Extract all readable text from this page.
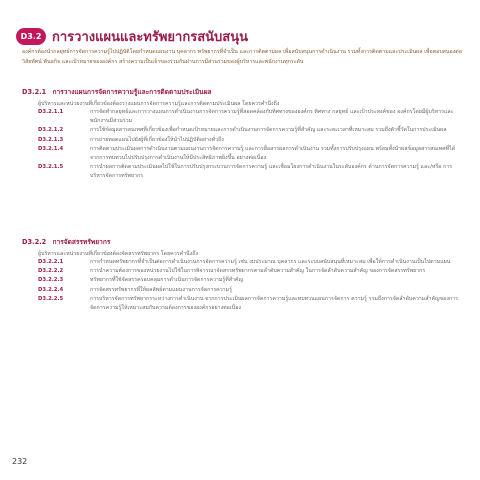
D3.2 การวางแผนและทรัพยากรสนับสนุน

องค์กรต้องนำกลยุทธ์การจัดการความรู้ไปปฏิบัติโดยกำหนดแผนงาน บุคลากร ทรัพยากรที่จำเป็น และการติดตามผล เพื่อสนับสนุนการดำเนินงาน รวมทั้งการติดตามและประเมินผล เพื่อตอบสนองต่อวิสัยทัศน์ พันธกิจ และเป้าหมายขององค์กร สร้างความเป็นเจ้าของร่วมกันผ่านการมีส่วนร่วมของผู้บริหารและพนักงานทุกระดับ

D3.2.1 การวางแผนการจัดการความรู้และการติดตามประเมินผล
ผู้บริหารและหน่วยงานที่เกี่ยวข้องต้องวางแผนการจัดการความรู้และการติดตามประเมินผล โดยควรคำนึงถึง
D3.2.1.1	การจัดทำกลยุทธ์และการวางแผนการดำเนินงานการจัดการความรู้ที่สอดคล้องกับทิศทางขององค์กร ทิศทาง กลยุทธ์ และเป้าประสงค์ของ องค์กรโดยมีผู้บริหารและพนักงานมีส่วนร่วม
D3.2.1.2	การใช้ข้อมูลสารสนเทศที่เกี่ยวข้องเพื่อกำหนดเป้าหมายและการดำเนินงานการจัดการความรู้ที่สำคัญ และระยะเวลาที่เหมาะสม รวมถึงตัวชี้วัดในการประเมินผล
D3.2.1.3	การถ่ายทอดแผนไปยังผู้ที่เกี่ยวข้องให้นำไปปฏิบัติอย่างทั่วถึง
D3.2.1.4	การติดตามประเมินผลการดำเนินงานตามแผนงานการจัดการความรู้ และการสื่อสารผลการดำเนินงาน รวมทั้งการปรับปรุงแผน พร้อมทั้งนำผลข้อมูลสารสนเทศที่ได้จากการทบทวนไปปรับปรุงการดำเนินงานให้มีประสิทธิภาพยิ่งขึ้น อย่างต่อเนื่อง
D3.2.1.5	การนำผลการติดตามประเมินผลไปใช้ในการปรับปรุงกระบวนการจัดการความรู้ และเชื่อมโยงการดำเนินงานในระดับองค์กร ด้านการจัดการความรู้ และ/หรือ การบริหารจัดการทรัพยากร
D3.2.2 การจัดสรรทรัพยากร
ผู้บริหารและหน่วยงานที่เกี่ยวข้องต้องจัดสรรทรัพยากร โดยควรคำนึงถึง
D3.2.2.1	การกำหนดทรัพยากรที่จำเป็นต่อการดำเนินงานการจัดการความรู้ เช่น งบประมาณ บุคลากร และระบบสนับสนุนที่เหมาะสม เพื่อให้การดำเนินงานเป็นไปตามแผน
D3.2.2.2	การนำความต้องการของหน่วยงานไปใช้ในการพิจารณาจัดสรรทรัพยากรตามลำดับความสำคัญ ในการจัดลำดับความสำคัญ ของการจัดสรรทรัพยากร
D3.2.2.3	ทรัพยากรที่ใช้จัดสรรครอบคลุมการดำเนินการจัดการความรู้ที่สำคัญ
D3.2.2.4	การจัดสรรทรัพยากรที่ให้ผลลัพธ์ตามแผนงานการจัดการความรู้
D3.2.2.5	การบริหารจัดการทรัพยากรระหว่างการดำเนินงาน จากการประเมินผลการจัดการความรู้และทบทวนแผนการจัดการ ความรู้ รวมถึงการจัดลำดับความสำคัญของการจัดการความรู้ให้เหมาะสมกับความต้องการขององค์กรอย่างต่อเนื่อง
232
